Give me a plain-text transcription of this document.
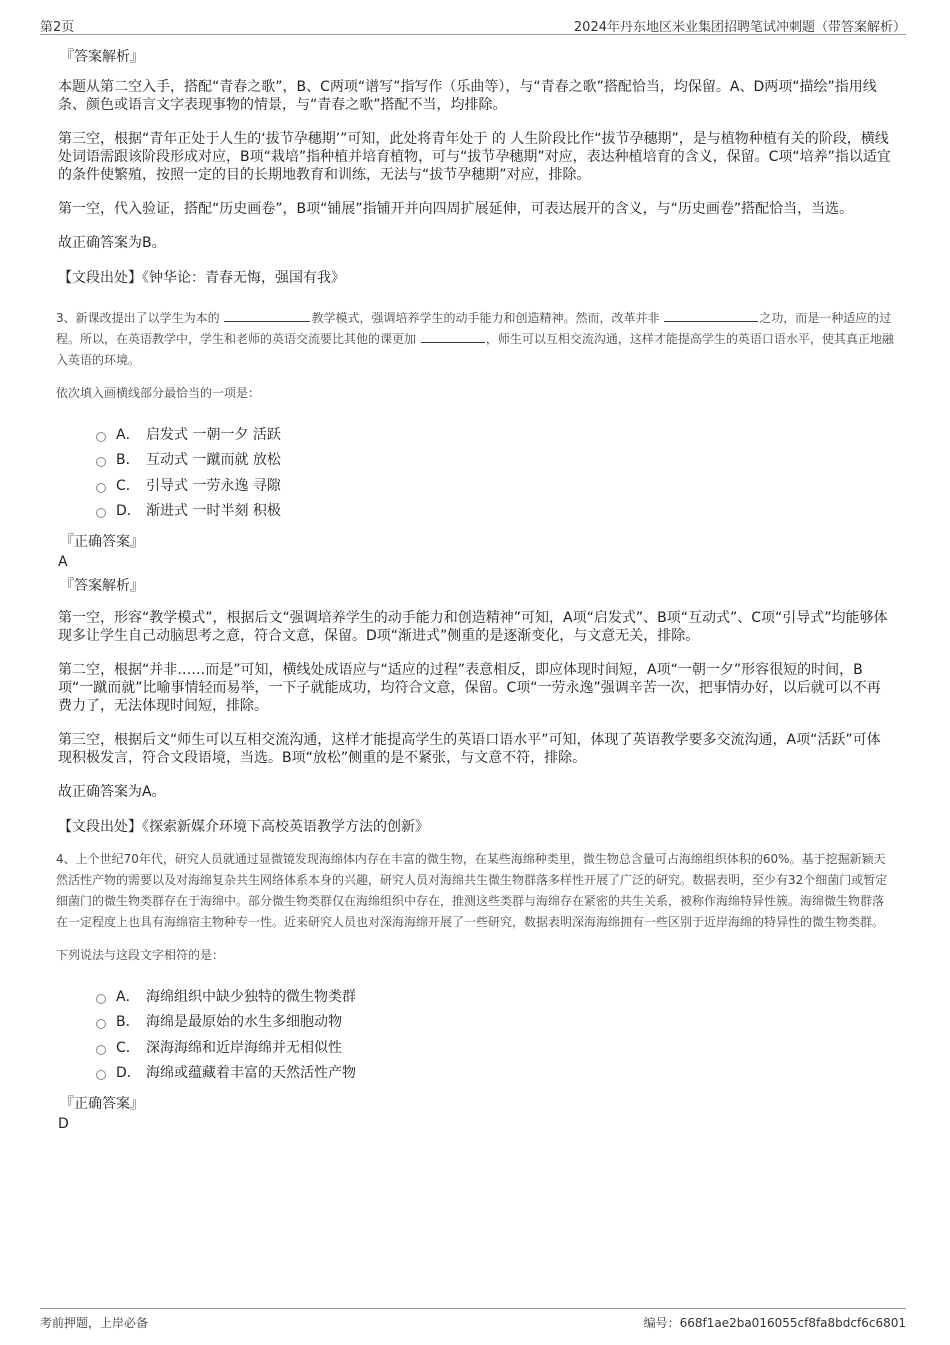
第2页	2024年丹东地区米业集团招聘笔试冲刺题（带答案解析）
『答案解析』

本题从第二空入手，搭配“青春之歌”，B、C两项“谱写”指写作（乐曲等），与“青春之歌”搭配恰当，均保留。A、D两项“描绘”指用线条、颜色或语言文字表现事物的情景，与“青春之歌”搭配不当，均排除。

第三空，根据“青年正处于人生的‘拔节孕穗期’”可知，此处将青年处于 的 人生阶段比作“拔节孕穗期”，是与植物种植有关的阶段，横线处词语需跟该阶段形成对应，B项“栽培”指种植并培育植物，可与“拔节孕穗期”对应，表达种植培育的含义，保留。C项“培养”指以适宜的条件使繁殖，按照一定的目的长期地教育和训练，无法与“拔节孕穗期”对应，排除。

第一空，代入验证，搭配“历史画卷”，B项“铺展”指铺开并向四周扩展延伸，可表达展开的含义，与“历史画卷”搭配恰当，当选。

故正确答案为B。

【文段出处】《钟华论：青春无悔，强国有我》
3、新课改提出了以学生为本的	教学模式，强调培养学生的动手能力和创造精神。然而，改革并非	之功，而是一种适应的过程。所以，在英语教学中，学生和老师的英语交流要比其他的课更加	，师生可以互相交流沟通，这样才能提高学生的英语口语水平，使其真正地融入英语的环境。
依次填入画横线部分最恰当的一项是：
A． 启发式 一朝一夕 活跃
B． 互动式 一蹴而就 放松
C． 引导式 一劳永逸 寻隙
D． 渐进式 一时半刻 积极
『正确答案』
A
『答案解析』

第一空，形容“教学模式”，根据后文“强调培养学生的动手能力和创造精神”可知，A项“启发式”、B项“互动式”、C项“引导式”均能够体现多让学生自己动脑思考之意，符合文意，保留。D项“渐进式”侧重的是逐渐变化，与文意无关，排除。

第二空，根据“并非……而是”可知，横线处成语应与“适应的过程”表意相反，即应体现时间短，A项“一朝一夕”形容很短的时间，B项“一蹴而就”比喻事情轻而易举，一下子就能成功，均符合文意，保留。C项“一劳永逸”强调辛苦一次，把事情办好，以后就可以不再费力了，无法体现时间短，排除。

第三空，根据后文“师生可以互相交流沟通，这样才能提高学生的英语口语水平”可知，体现了英语教学要多交流沟通，A项“活跃”可体现积极发言，符合文段语境，当选。B项“放松”侧重的是不紧张，与文意不符，排除。

故正确答案为A。

【文段出处】《探索新媒介环境下高校英语教学方法的创新》
4、上个世纪70年代，研究人员就通过显微镜发现海绵体内存在丰富的微生物，在某些海绵种类里，微生物总含量可占海绵组织体积的60%。基于挖掘新颖天然活性产物的需要以及对海绵复杂共生网络体系本身的兴趣，研究人员对海绵共生微生物群落多样性开展了广泛的研究。数据表明，至少有32个细菌门或暂定细菌门的微生物类群存在于海绵中。部分微生物类群仅在海绵组织中存在，推测这些类群与海绵存在紧密的共生关系，被称作海绵特异性簇。海绵微生物群落在一定程度上也具有海绵宿主物种专一性。近来研究人员也对深海海绵开展了一些研究，数据表明深海海绵拥有一些区别于近岸海绵的特异性的微生物类群。
下列说法与这段文字相符的是：
A． 海绵组织中缺少独特的微生物类群
B． 海绵是最原始的水生多细胞动物
C． 深海海绵和近岸海绵并无相似性
D． 海绵或蕴藏着丰富的天然活性产物
『正确答案』
D
考前押题，上岸必备	编号：668f1ae2ba016055cf8fa8bdcf6c6801
